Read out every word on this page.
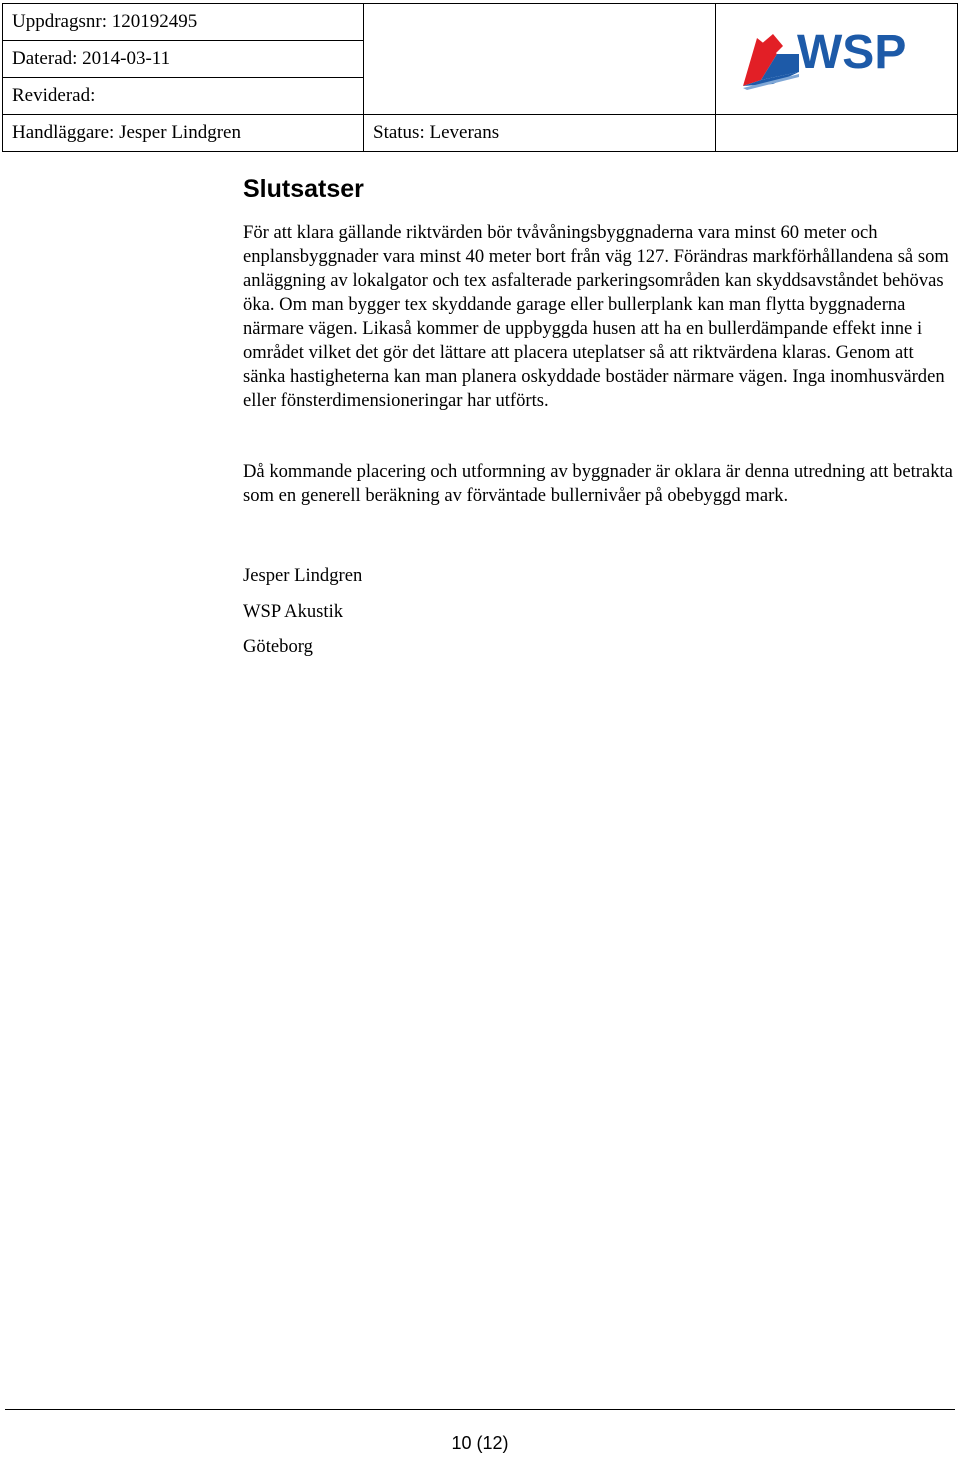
Uppdragsnr: 120192495		WSP

Daterad: 2014-03-11		
Reviderad:		
Handläggare: Jesper Lindgren	Status: Leverans	
Slutsatser

För att klara gällande riktvärden bör tvåvåningsbyggnaderna vara minst 60 meter och enplansbyggnader vara minst 40 meter bort från väg 127. Förändras markförhållandena så som anläggning av lokalgator och tex asfalterade parkeringsområden kan skyddsavståndet behövas öka. Om man bygger tex skyddande garage eller bullerplank kan man flytta byggnaderna närmare vägen. Likaså kommer de uppbyggda husen att ha en bullerdämpande effekt inne i området vilket det gör det lättare att placera uteplatser så att riktvärdena klaras. Genom att sänka hastigheterna kan man planera oskyddade bostäder närmare vägen. Inga inomhusvärden eller fönsterdimensioneringar har utförts.

Då kommande placering och utformning av byggnader är oklara är denna utredning att betrakta som en generell beräkning av förväntade bullernivåer på obebyggd mark.

Jesper Lindgren
WSP Akustik
Göteborg
10 (12)
